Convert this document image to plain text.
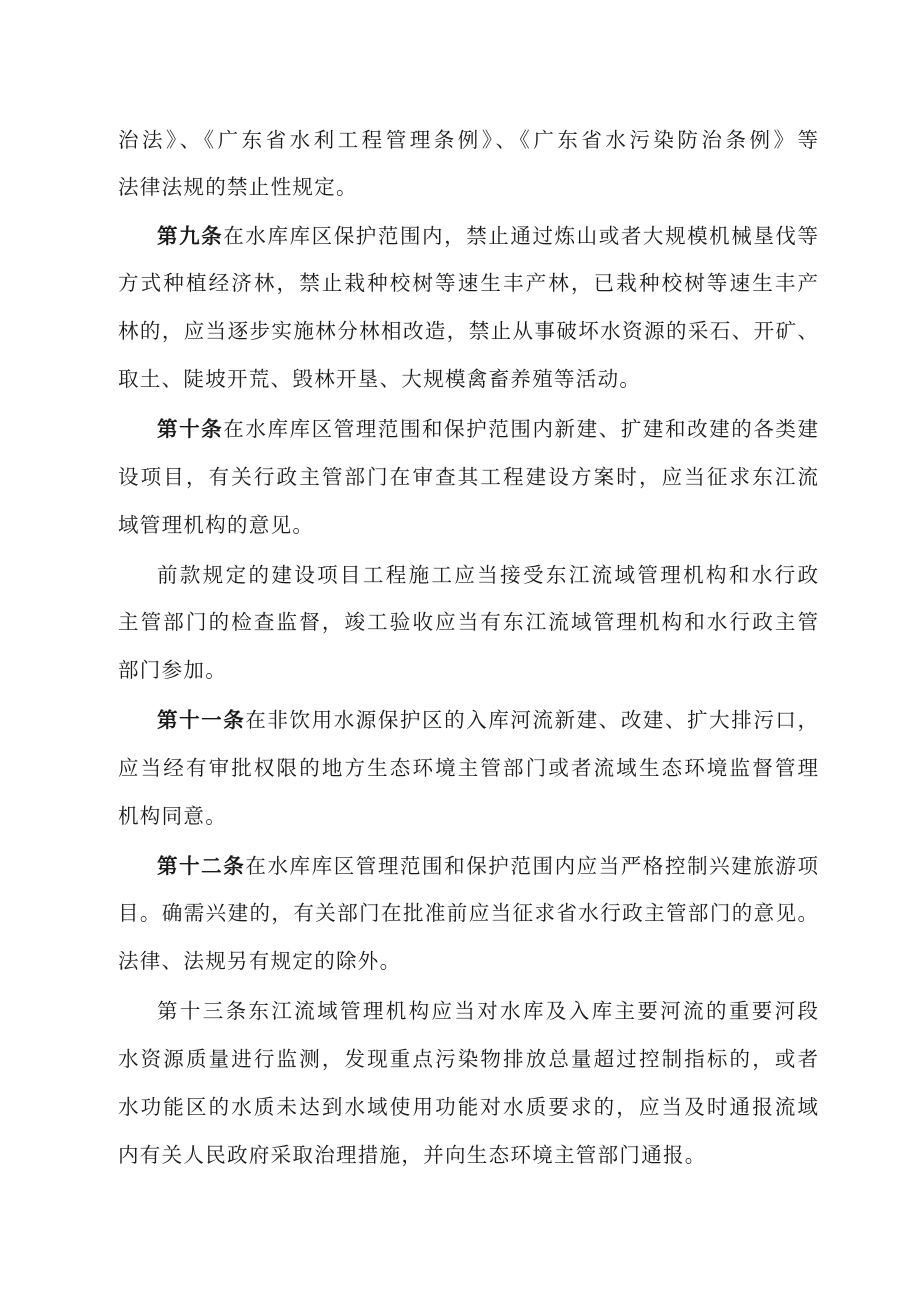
治法》、《广东省水利工程管理条例》、《广东省水污染防治条例》等
法律法规的禁止性规定。
第九条在水库库区保护范围内，禁止通过炼山或者大规模机械垦伐等
方式种植经济林，禁止栽种校树等速生丰产林，已栽种校树等速生丰产
林的，应当逐步实施林分林相改造，禁止从事破坏水资源的采石、开矿、
取土、陡坡开荒、毁林开垦、大规模禽畜养殖等活动。
第十条在水库库区管理范围和保护范围内新建、扩建和改建的各类建
设项目，有关行政主管部门在审查其工程建设方案时，应当征求东江流
域管理机构的意见。
前款规定的建设项目工程施工应当接受东江流域管理机构和水行政
主管部门的检查监督，竣工验收应当有东江流域管理机构和水行政主管
部门参加。
第十一条在非饮用水源保护区的入库河流新建、改建、扩大排污口，
应当经有审批权限的地方生态环境主管部门或者流域生态环境监督管理
机构同意。
第十二条在水库库区管理范围和保护范围内应当严格控制兴建旅游项
目。确需兴建的，有关部门在批准前应当征求省水行政主管部门的意见。
法律、法规另有规定的除外。
第十三条东江流域管理机构应当对水库及入库主要河流的重要河段
水资源质量进行监测，发现重点污染物排放总量超过控制指标的，或者
水功能区的水质未达到水域使用功能对水质要求的，应当及时通报流域
内有关人民政府采取治理措施，并向生态环境主管部门通报。
